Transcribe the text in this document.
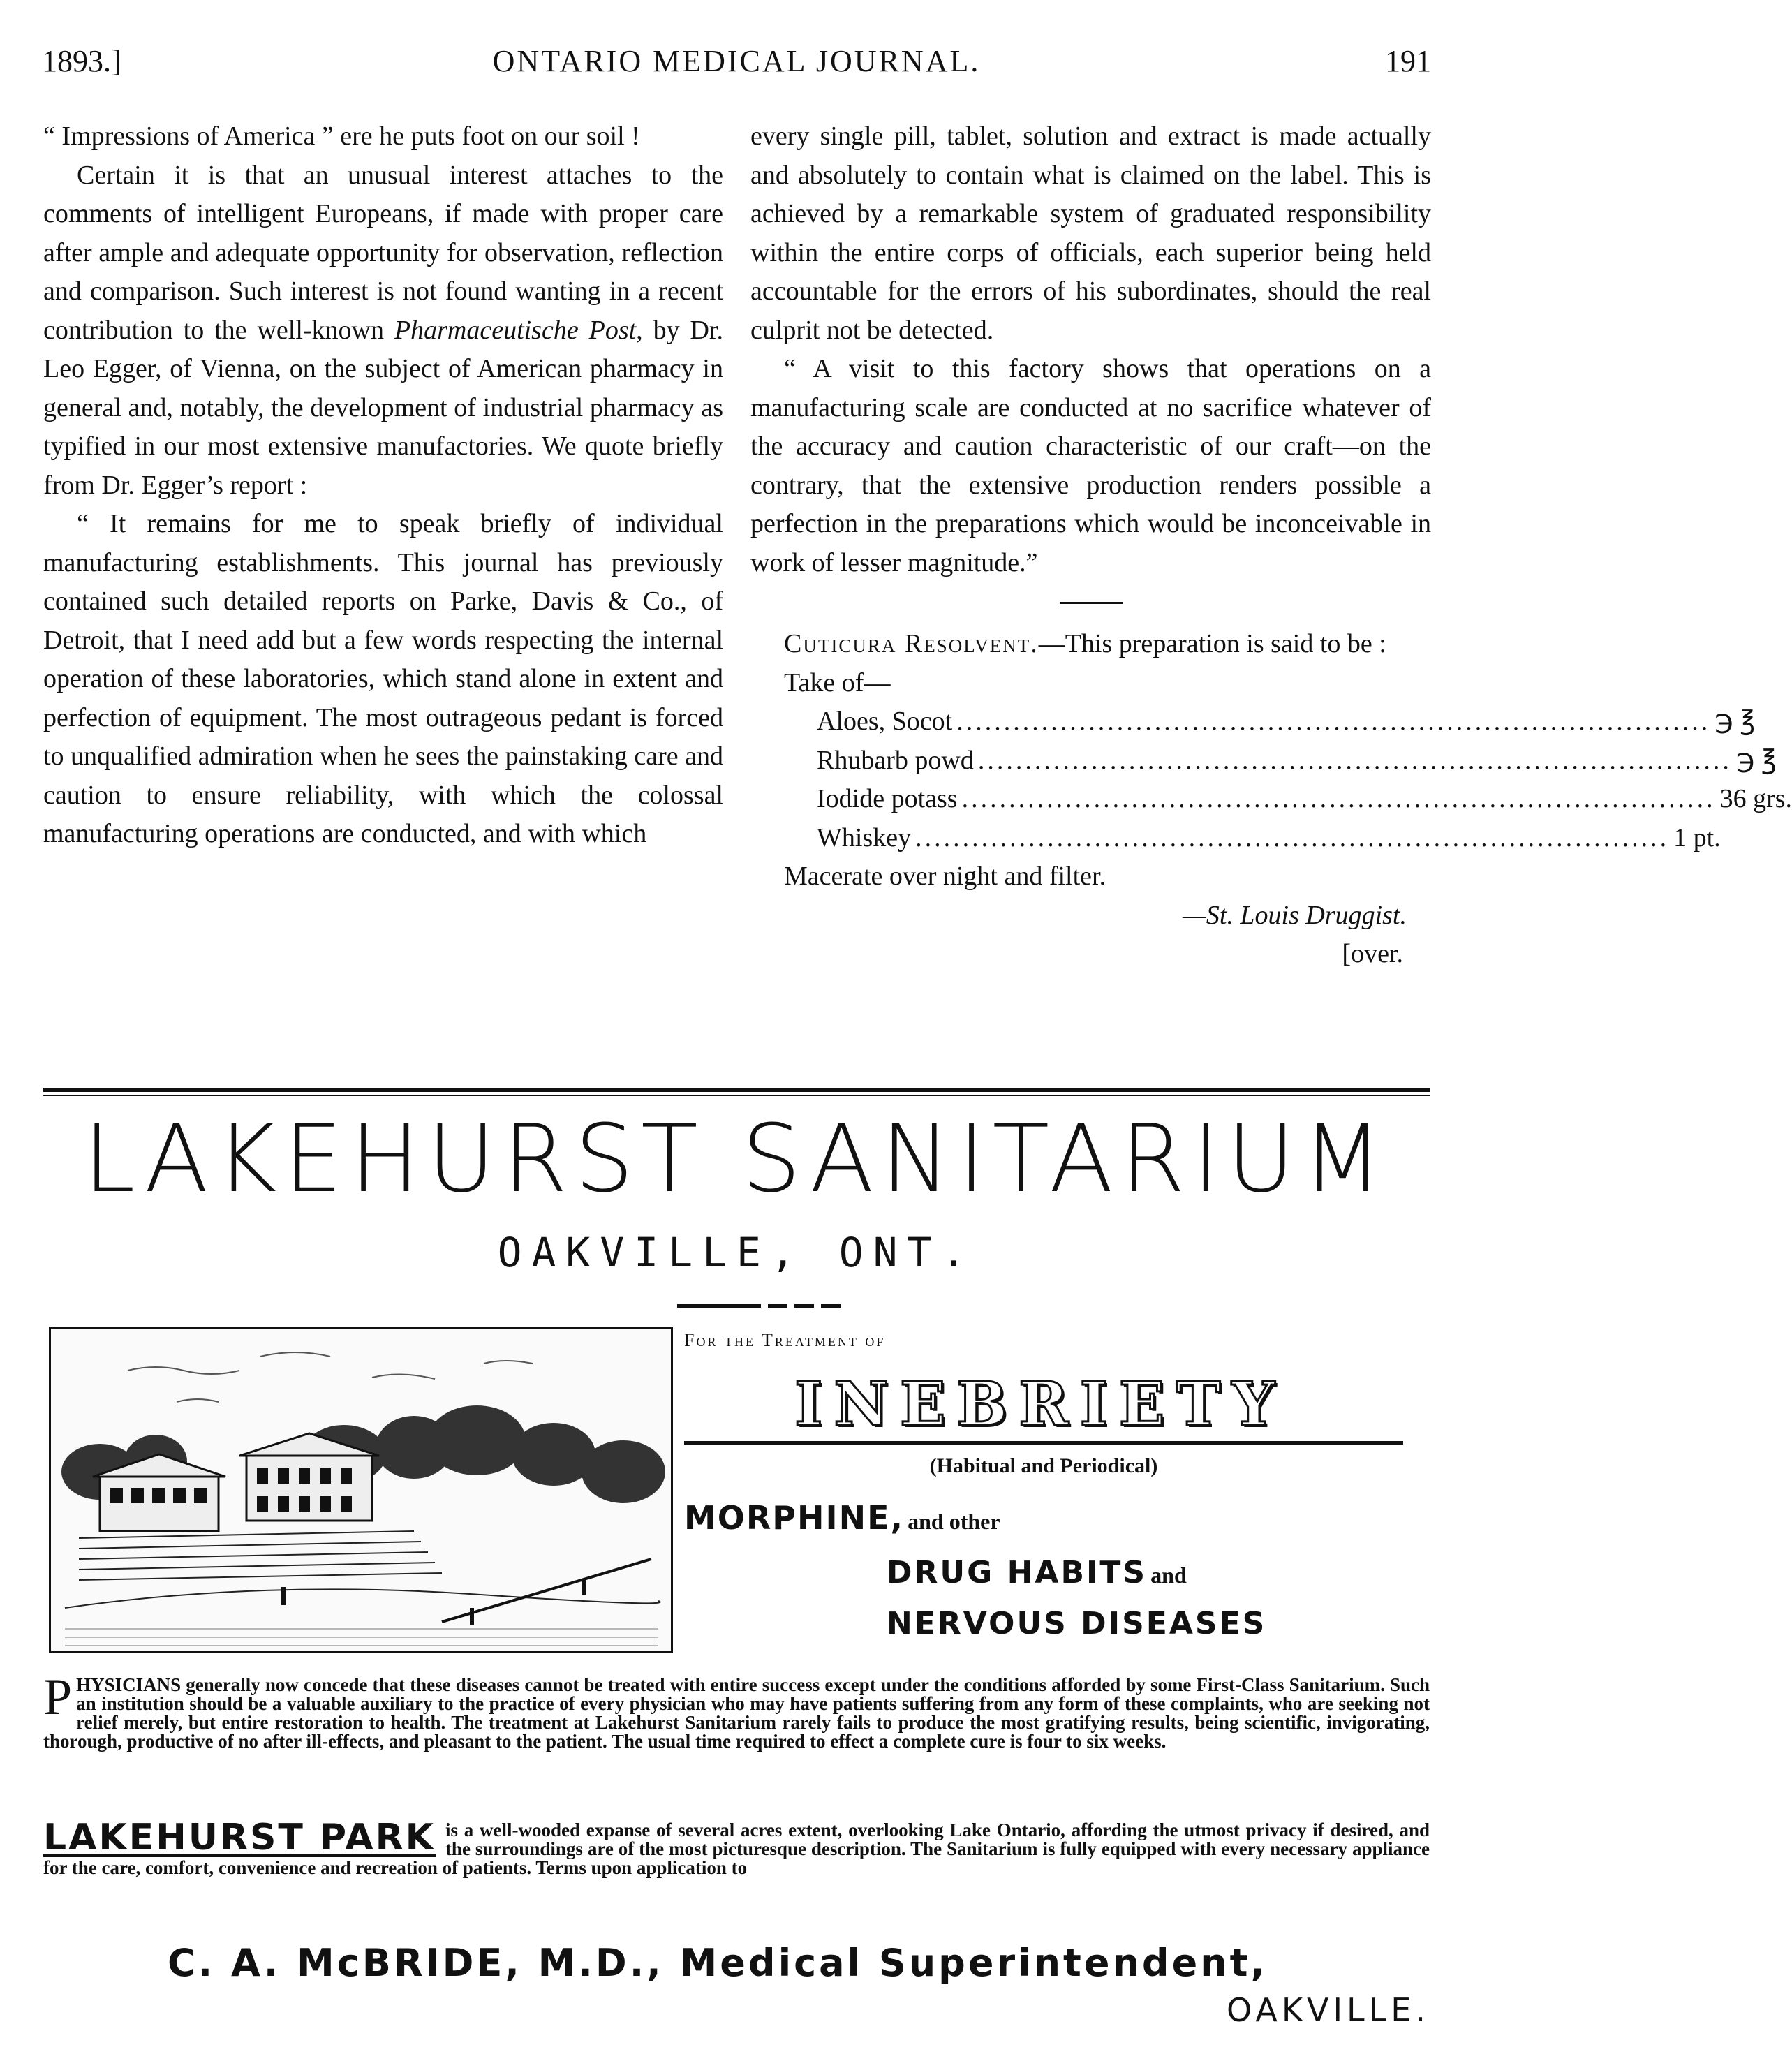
1893.]	ONTARIO MEDICAL JOURNAL.	191

“ Impressions of America ” ere he puts foot on our soil !

Certain it is that an unusual interest attaches to the comments of intelligent Europeans, if made with proper care after ample and adequate opportunity for observation, reflection and comparison. Such interest is not found wanting in a recent contribution to the well-known Pharmaceutische Post, by Dr. Leo Egger, of Vienna, on the subject of American pharmacy in general and, notably, the development of industrial pharmacy as typified in our most extensive manufactories. We quote briefly from Dr. Egger’s report :

“ It remains for me to speak briefly of individual manufacturing establishments. This journal has previously contained such detailed reports on Parke, Davis & Co., of Detroit, that I need add but a few words respecting the internal operation of these laboratories, which stand alone in extent and perfection of equipment. The most outrageous pedant is forced to unqualified admiration when he sees the painstaking care and caution to ensure reliability, with which the colossal manufacturing operations are conducted, and with which

every single pill, tablet, solution and extract is made actually and absolutely to contain what is claimed on the label. This is achieved by a remarkable system of graduated responsibility within the entire corps of officials, each superior being held accountable for the errors of his subordinates, should the real culprit not be detected.

“ A visit to this factory shows that operations on a manufacturing scale are conducted at no sacrifice whatever of the accuracy and caution characteristic of our craft—on the contrary, that the extensive production renders possible a perfection in the preparations which would be inconceivable in work of lesser magnitude.”

Cuticura Resolvent.—This preparation is said to be :

Take of—

Aloes, Socot ................................................................................ ℈ ℥
Rhubarb powd ................................................................................ ℈ ℥
Iodide potass ................................................................................ 36 grs.
Whiskey ................................................................................ 1 pt.

Macerate over night and filter.

—St. Louis Druggist.
[over.
LAKEHURST SANITARIUM
OAKVILLE, ONT.
For the Treatment of
INEBRIETY
(Habitual and Periodical)
MORPHINE, and other
DRUG HABITS and
NERVOUS DISEASES
PHYSICIANS generally now concede that these diseases cannot be treated with entire success except under the conditions afforded by some First-Class Sanitarium. Such an institution should be a valuable auxiliary to the practice of every physician who may have patients suffering from any form of these complaints, who are seeking not relief merely, but entire restoration to health. The treatment at Lakehurst Sanitarium rarely fails to produce the most gratifying results, being scientific, invigorating, thorough, productive of no after ill-effects, and pleasant to the patient. The usual time required to effect a complete cure is four to six weeks.
LAKEHURST PARK is a well-wooded expanse of several acres extent, overlooking Lake Ontario, affording the utmost privacy if desired, and the surroundings are of the most picturesque description. The Sanitarium is fully equipped with every necessary appliance for the care, comfort, convenience and recreation of patients. Terms upon application to
C. A. McBRIDE, M.D., Medical Superintendent,
OAKVILLE.
